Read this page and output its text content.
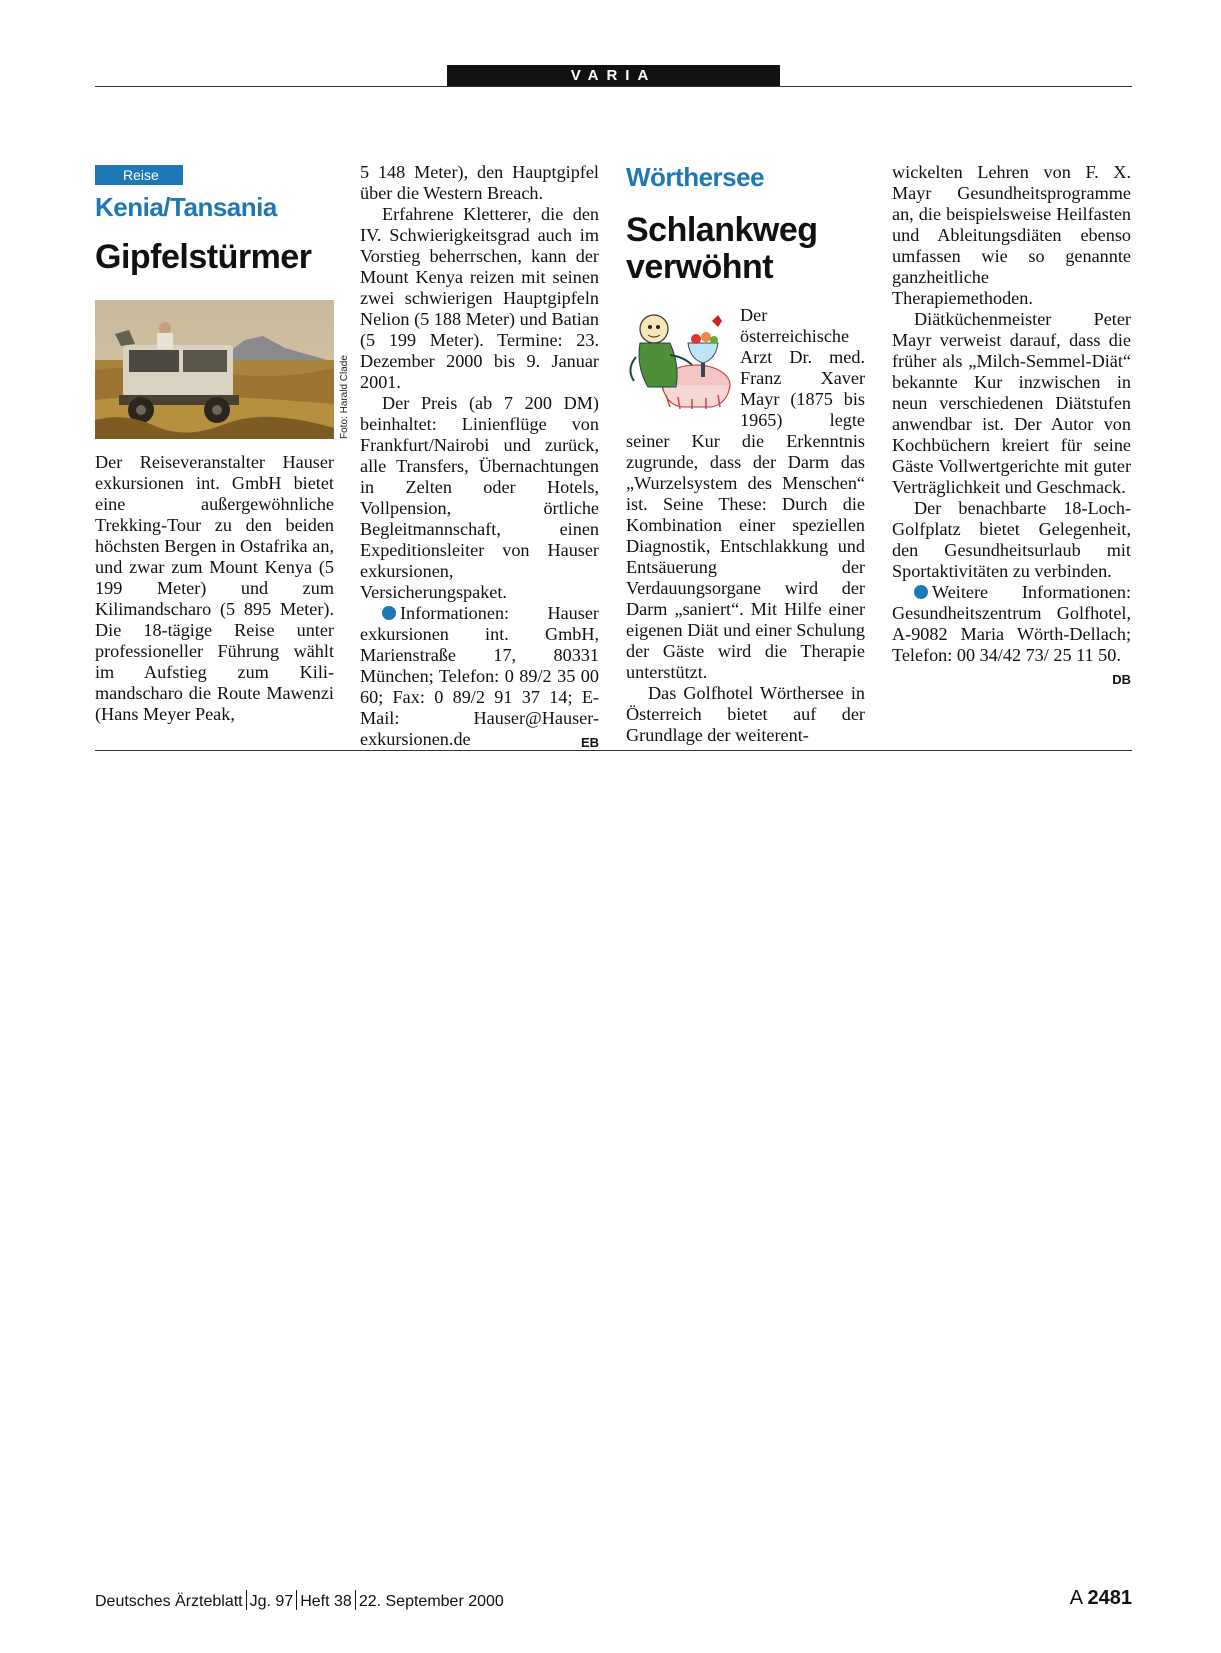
VARIA
Reise
Kenia/Tansania
Gipfelstürmer
Foto: Harald Clade

Der Reiseveranstalter Hauser exkursionen int. GmbH bietet eine außergewöhnliche Trekking-Tour zu den beiden höchsten Bergen in Ostafrika an, und zwar zum Mount Kenya (5 199 Meter) und zum Kilimandscharo (5 895 Meter). Die 18-tägige Reise unter professioneller Führung wählt im Aufstieg zum Kilimandscharo die Route Mawenzi (Hans Meyer Peak,

5 148 Meter), den Hauptgipfel über die Western Breach.

Erfahrene Kletterer, die den IV. Schwierigkeitsgrad auch im Vorstieg beherrschen, kann der Mount Kenya reizen mit seinen zwei schwierigen Hauptgipfeln Nelion (5 188 Meter) und Batian (5 199 Meter). Termine: 23. Dezember 2000 bis 9. Januar 2001.

Der Preis (ab 7 200 DM) beinhaltet: Linienflüge von Frankfurt/Nairobi und zurück, alle Transfers, Übernachtungen in Zelten oder Hotels, Vollpension, örtliche Begleitmannschaft, einen Expeditionsleiter von Hauser exkursionen, Versicherungspaket.

Informationen: Hauser exkursionen int. GmbH, Marienstraße 17, 80331 München; Telefon: 0 89/2 35 00 60; Fax: 0 89/2 91 37 14; E-Mail: Hauser@Hauser-exkursionen.de	EB

Wörthersee
Schlankweg
verwöhnt

Der österreichische Arzt Dr. med. Franz Xaver Mayr (1875 bis 1965) legte seiner Kur die Erkenntnis zugrunde, dass der Darm das „Wurzelsystem des Menschen“ ist. Seine These: Durch die Kombination einer speziellen Diagnostik, Entschlakkung und Entsäuerung der Verdauungsorgane wird der Darm „saniert“. Mit Hilfe einer eigenen Diät und einer Schulung der Gäste wird die Therapie unterstützt.

Das Golfhotel Wörthersee in Österreich bietet auf der Grundlage der weiterent-

wickelten Lehren von F. X. Mayr Gesundheitsprogramme an, die beispielsweise Heilfasten und Ableitungsdiäten ebenso umfassen wie so genannte ganzheitliche Therapiemethoden.

Diätküchenmeister Peter Mayr verweist darauf, dass die früher als „Milch-Semmel-Diät“ bekannte Kur inzwischen in neun verschiedenen Diätstufen anwendbar ist. Der Autor von Kochbüchern kreiert für seine Gäste Vollwertgerichte mit guter Verträglichkeit und Geschmack.

Der benachbarte 18-Loch-Golfplatz bietet Gelegenheit, den Gesundheitsurlaub mit Sportaktivitäten zu verbinden.

Weitere Informationen: Gesundheitszentrum Golfhotel, A-9082 Maria Wörth-Dellach; Telefon: 00 34/42 73/ 25 11 50.
DB

Deutsches Ärzteblatt Jg. 97 Heft 38 22. September 2000	A 2481
